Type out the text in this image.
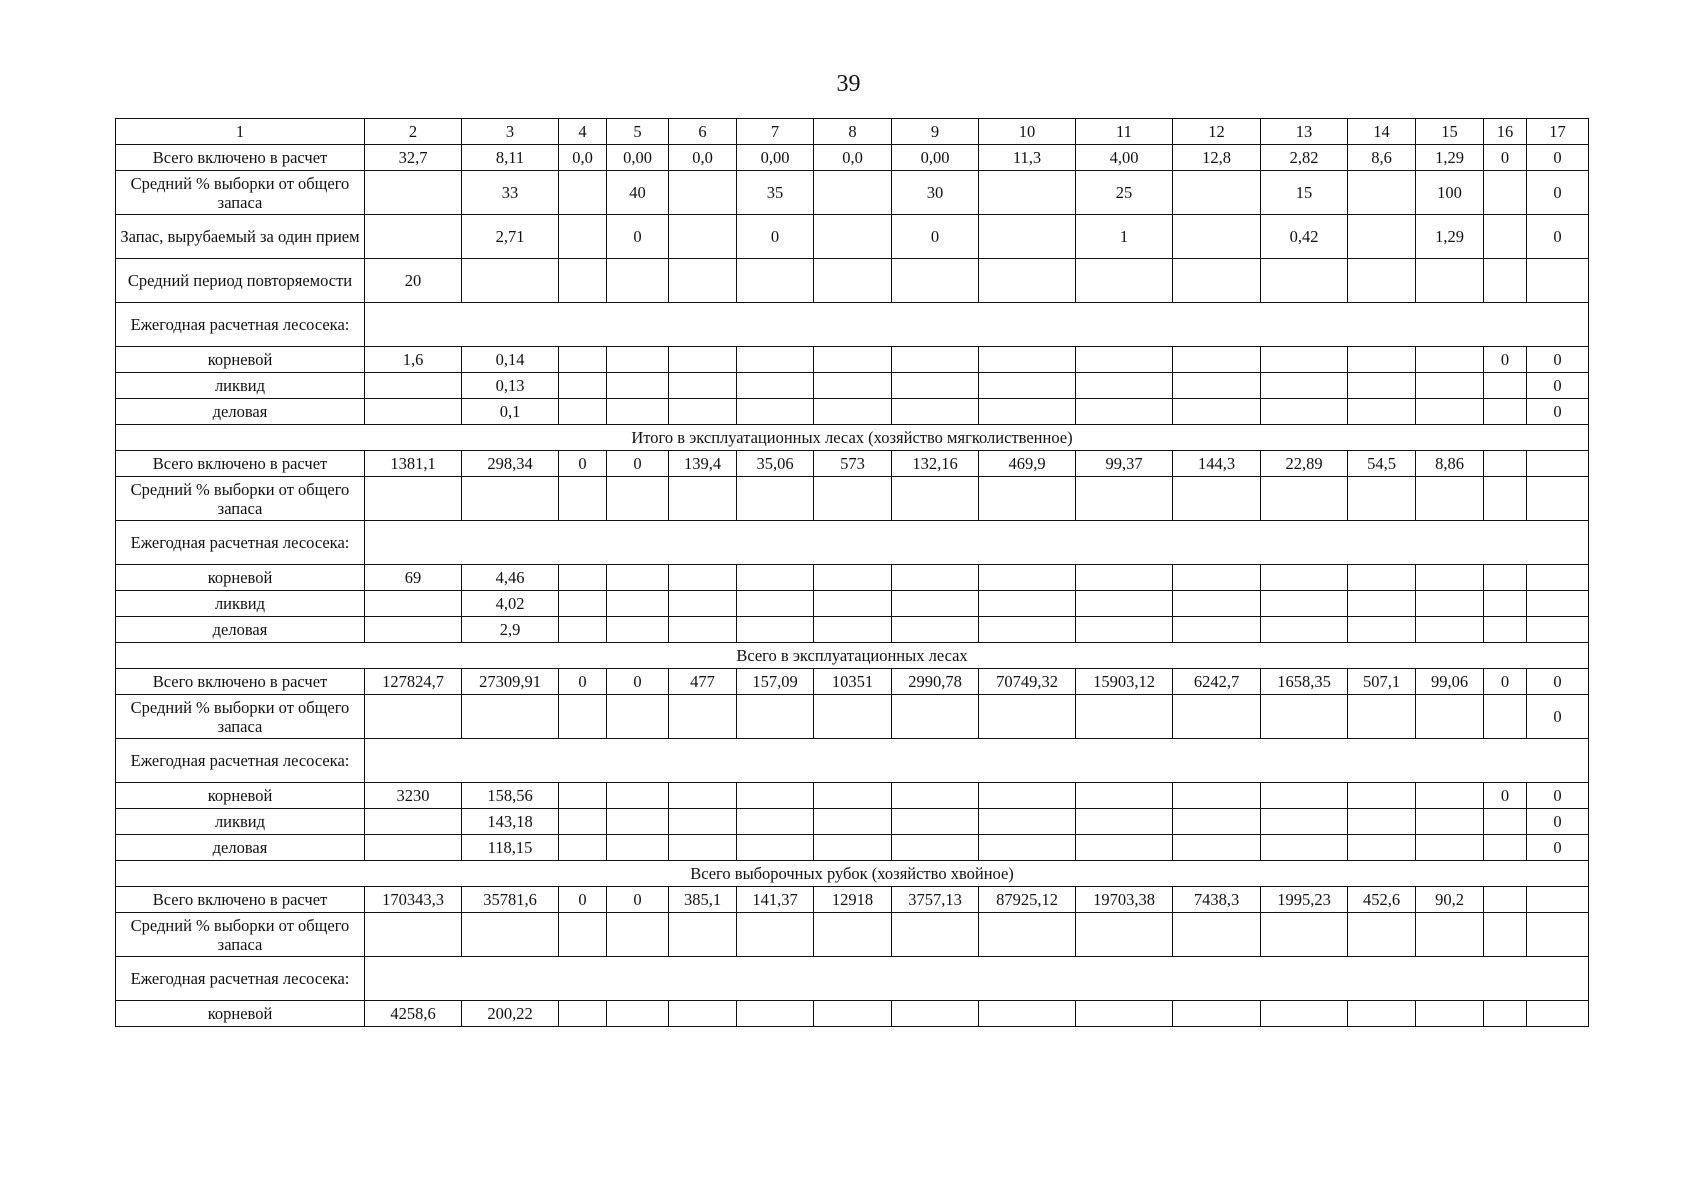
39
1	2	3	4	5	6	7	8	9	10	11	12	13	14	15	16	17
Всего включено в расчет	32,7	8,11	0,0	0,00	0,0	0,00	0,0	0,00	11,3	4,00	12,8	2,82	8,6	1,29	0	0
Средний % выборки от общего запаса		33		40		35		30		25		15		100		0
Запас, вырубаемый за один прием		2,71		0		0		0		1		0,42		1,29		0
Средний период повторяемости	20															
Ежегодная расчетная лесосека:																
корневой	1,6	0,14													0	0
ликвид		0,13														0
деловая		0,1														0
Итого в эксплуатационных лесах (хозяйство мягколиственное)																
Всего включено в расчет	1381,1	298,34	0	0	139,4	35,06	573	132,16	469,9	99,37	144,3	22,89	54,5	8,86		
Средний % выборки от общего запаса																
Ежегодная расчетная лесосека:																
корневой	69	4,46														
ликвид		4,02														
деловая		2,9														
Всего в эксплуатационных лесах																
Всего включено в расчет	127824,7	27309,91	0	0	477	157,09	10351	2990,78	70749,32	15903,12	6242,7	1658,35	507,1	99,06	0	0
Средний % выборки от общего запаса																0
Ежегодная расчетная лесосека:																
корневой	3230	158,56													0	0
ликвид		143,18														0
деловая		118,15														0
Всего выборочных рубок (хозяйство хвойное)																
Всего включено в расчет	170343,3	35781,6	0	0	385,1	141,37	12918	3757,13	87925,12	19703,38	7438,3	1995,23	452,6	90,2		
Средний % выборки от общего запаса																
Ежегодная расчетная лесосека:																
корневой	4258,6	200,22														
